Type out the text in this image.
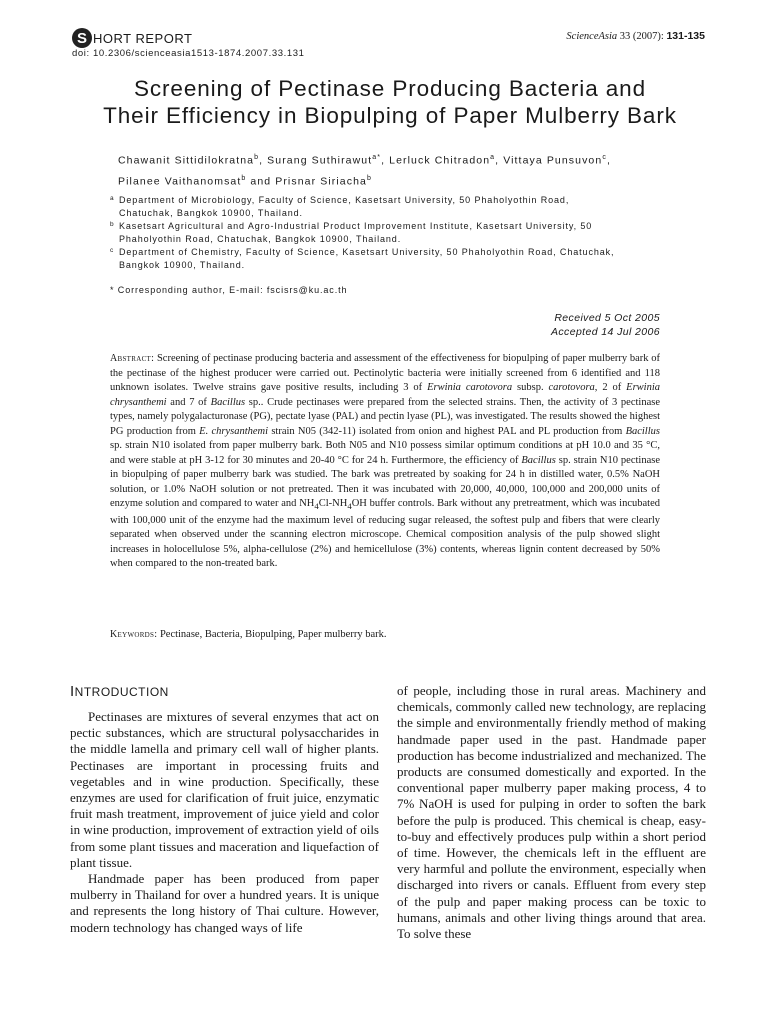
S HORT REPORT
doi: 10.2306/scienceasia1513-1874.2007.33.131
ScienceAsia 33 (2007): 131-135
Screening of Pectinase Producing Bacteria and
Their Efficiency in Biopulping of Paper Mulberry Bark
Chawanit Sittidilokratna$^b$, Surang Suthirawut$^{a*}$, Lerluck Chitradon$^a$, Vittaya Punsuvon$^c$,
Pilanee Vaithanomsat$^b$ and Prisnar Siriacha$^b$
a Department of Microbiology, Faculty of Science, Kasetsart University, 50 Phaholyothin Road,
Chatuchak, Bangkok 10900, Thailand.
b Kasetsart Agricultural and Agro-Industrial Product Improvement Institute, Kasetsart University, 50
Phaholyothin Road, Chatuchak, Bangkok 10900, Thailand.
c Department of Chemistry, Faculty of Science, Kasetsart University, 50 Phaholyothin Road, Chatuchak,
Bangkok 10900, Thailand.
* Corresponding author, E-mail: fscisrs@ku.ac.th
Received 5 Oct 2005
Accepted 14 Jul 2006

Abstract: Screening of pectinase producing bacteria and assessment of the effectiveness for biopulping of paper mulberry bark of the pectinase of the highest producer were carried out. Pectinolytic bacteria were initially screened from 6 identified and 118 unknown isolates. Twelve strains gave positive results, including 3 of Erwinia carotovora subsp. carotovora, 2 of Erwinia chrysanthemi and 7 of Bacillus sp.. Crude pectinases were prepared from the selected strains. Then, the activity of 3 pectinase types, namely polygalacturonase (PG), pectate lyase (PAL) and pectin lyase (PL), was investigated. The results showed the highest PG production from E. chrysanthemi strain N05 (342-11) isolated from onion and highest PAL and PL production from Bacillus sp. strain N10 isolated from paper mulberry bark. Both N05 and N10 possess similar optimum conditions at pH 10.0 and 35 °C, and were stable at pH 3-12 for 30 minutes and 20-40 °C for 24 h. Furthermore, the efficiency of Bacillus sp. strain N10 pectinase in biopulping of paper mulberry bark was studied. The bark was pretreated by soaking for 24 h in distilled water, 0.5% NaOH solution, or 1.0% NaOH solution or not pretreated. Then it was incubated with 20,000, 40,000, 100,000 and 200,000 units of enzyme solution and compared to water and $NH_4Cl-NH_4OH$ buffer controls. Bark without any pretreatment, which was incubated with 100,000 unit of the enzyme had the maximum level of reducing sugar released, the softest pulp and fibers that were clearly separated when observed under the scanning electron microscope. Chemical composition analysis of the pulp showed slight increases in holocellulose 5%, alpha-cellulose (2%) and hemicellulose (3%) contents, whereas lignin content decreased by 50% when compared to the non-treated bark.

Keywords: Pectinase, Bacteria, Biopulping, Paper mulberry bark.
INTRODUCTION

Pectinases are mixtures of several enzymes that act on pectic substances, which are structural polysaccharides in the middle lamella and primary cell wall of higher plants. Pectinases are important in processing fruits and vegetables and in wine production. Specifically, these enzymes are used for clarification of fruit juice, enzymatic fruit mash treatment, improvement of juice yield and color in wine production, improvement of extraction yield of oils from some plant tissues and maceration and liquefaction of plant tissue.

Handmade paper has been produced from paper mulberry in Thailand for over a hundred years. It is unique and represents the long history of Thai culture. However, modern technology has changed ways of life

of people, including those in rural areas. Machinery and chemicals, commonly called new technology, are replacing the simple and environmentally friendly method of making handmade paper used in the past. Handmade paper production has become industrialized and mechanized. The products are consumed domestically and exported. In the conventional paper mulberry paper making process, 4 to 7% NaOH is used for pulping in order to soften the bark before the pulp is produced. This chemical is cheap, easy-to-buy and effectively produces pulp within a short period of time. However, the chemicals left in the effluent are very harmful and pollute the environment, especially when discharged into rivers or canals. Effluent from every step of the pulp and paper making process can be toxic to humans, animals and other living things around that area. To solve these
